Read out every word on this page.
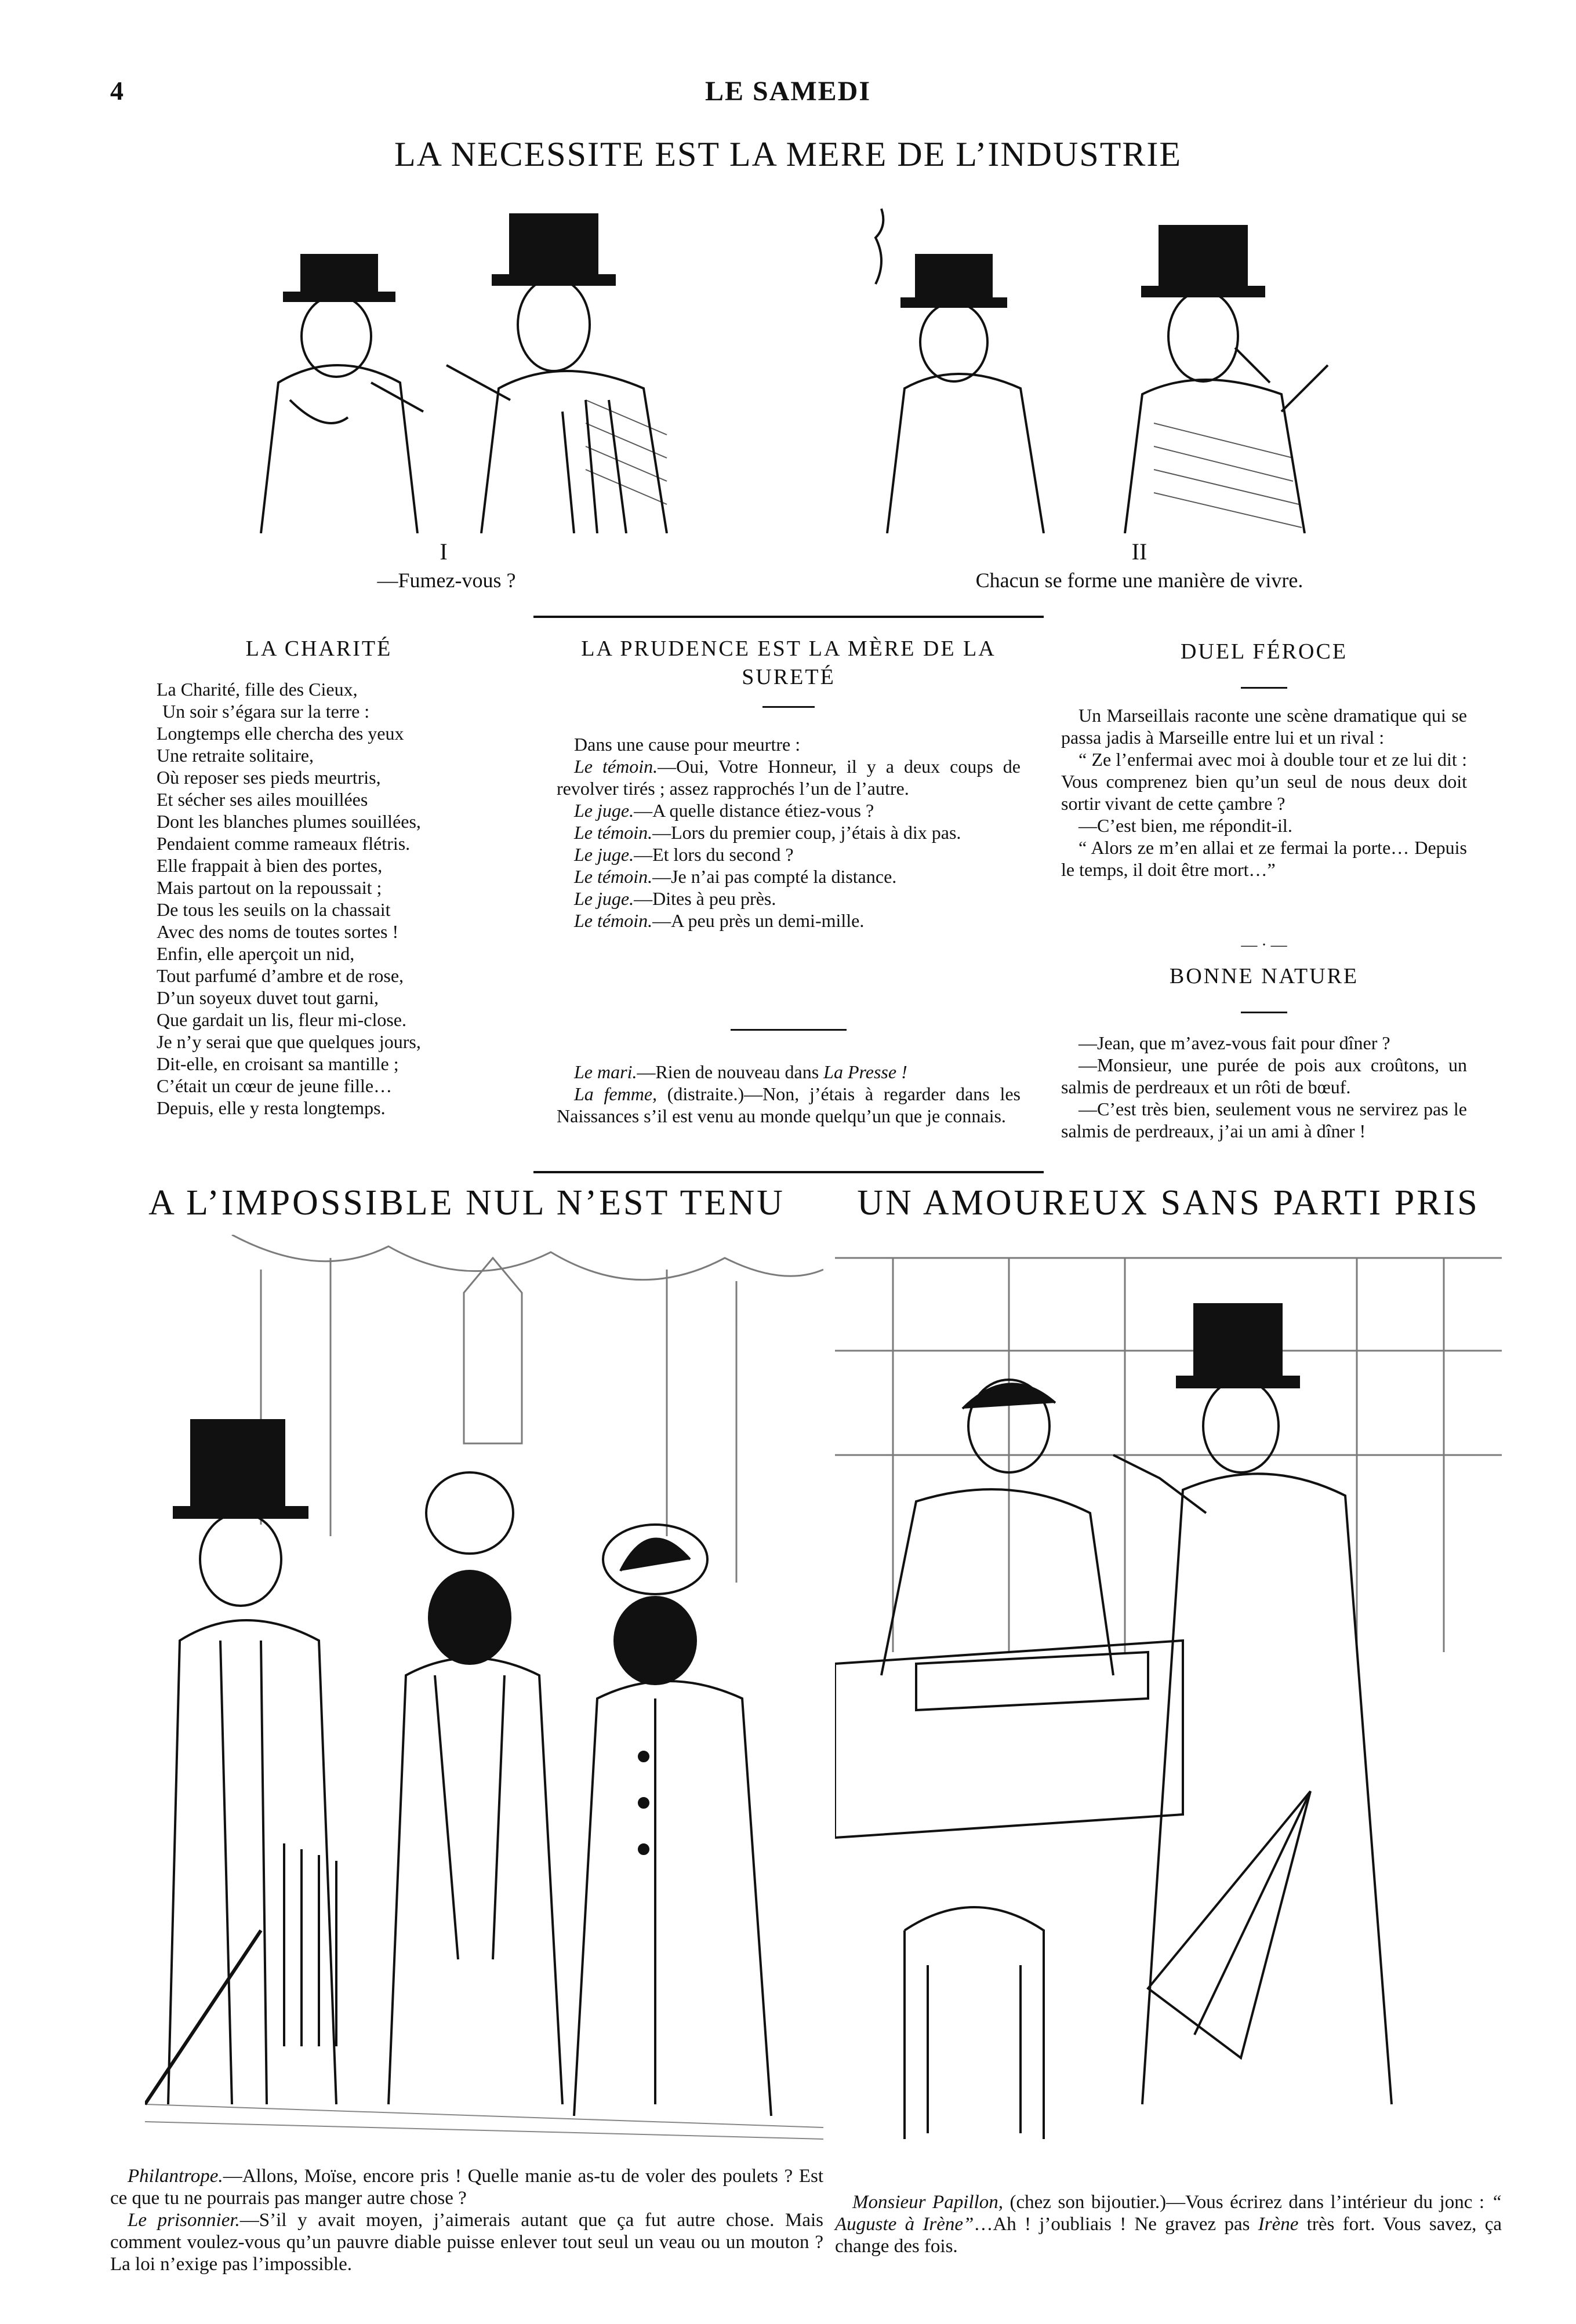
4	LE SAMEDI
LA NECESSITE EST LA MERE DE L’INDUSTRIE
I
—Fumez-vous ?
II
Chacun se forme une manière de vivre.
LA CHARITÉ
La Charité, fille des Cieux,
Un soir s’égara sur la terre :
Longtemps elle chercha des yeux
Une retraite solitaire,
Où reposer ses pieds meurtris,
Et sécher ses ailes mouillées
Dont les blanches plumes souillées,
Pendaient comme rameaux flétris.
Elle frappait à bien des portes,
Mais partout on la repoussait ;
De tous les seuils on la chassait
Avec des noms de toutes sortes !
Enfin, elle aperçoit un nid,
Tout parfumé d’ambre et de rose,
D’un soyeux duvet tout garni,
Que gardait un lis, fleur mi-close.
Je n’y serai que que quelques jours,
Dit-elle, en croisant sa mantille ;
C’était un cœur de jeune fille…
Depuis, elle y resta longtemps.
LA PRUDENCE EST LA MÈRE DE LA SURETÉ

Dans une cause pour meurtre :

Le témoin.—Oui, Votre Honneur, il y a deux coups de revolver tirés ; assez rapprochés l’un de l’autre.

Le juge.—A quelle distance étiez-vous ?

Le témoin.—Lors du premier coup, j’étais à dix pas.

Le juge.—Et lors du second ?

Le témoin.—Je n’ai pas compté la distance.

Le juge.—Dites à peu près.

Le témoin.—A peu près un demi-mille.

Le mari.—Rien de nouveau dans La Presse !

La femme, (distraite.)—Non, j’étais à regarder dans les Naissances s’il est venu au monde quelqu’un que je connais.

DUEL FÉROCE

Un Marseillais raconte une scène dramatique qui se passa jadis à Marseille entre lui et un rival :

“ Ze l’enfermai avec moi à double tour et ze lui dit : Vous comprenez bien qu’un seul de nous deux doit sortir vivant de cette çambre ?

—C’est bien, me répondit-il.

“ Alors ze m’en allai et ze fermai la porte… Depuis le temps, il doit être mort…”

— · —
BONNE NATURE

—Jean, que m’avez-vous fait pour dîner ?

—Monsieur, une purée de pois aux croûtons, un salmis de perdreaux et un rôti de bœuf.

—C’est très bien, seulement vous ne servirez pas le salmis de perdreaux, j’ai un ami à dîner !

A L’IMPOSSIBLE NUL N’EST TENU

Philantrope.—Allons, Moïse, encore pris ! Quelle manie as-tu de voler des poulets ? Est ce que tu ne pourrais pas manger autre chose ?

Le prisonnier.—S’il y avait moyen, j’aimerais autant que ça fut autre chose. Mais comment voulez-vous qu’un pauvre diable puisse enlever tout seul un veau ou un mouton ? La loi n’exige pas l’impossible.

UN AMOUREUX SANS PARTI PRIS

Monsieur Papillon, (chez son bijoutier.)—Vous écrirez dans l’intérieur du jonc : “ Auguste à Irène”…Ah ! j’oubliais ! Ne gravez pas Irène très fort. Vous savez, ça change des fois.
